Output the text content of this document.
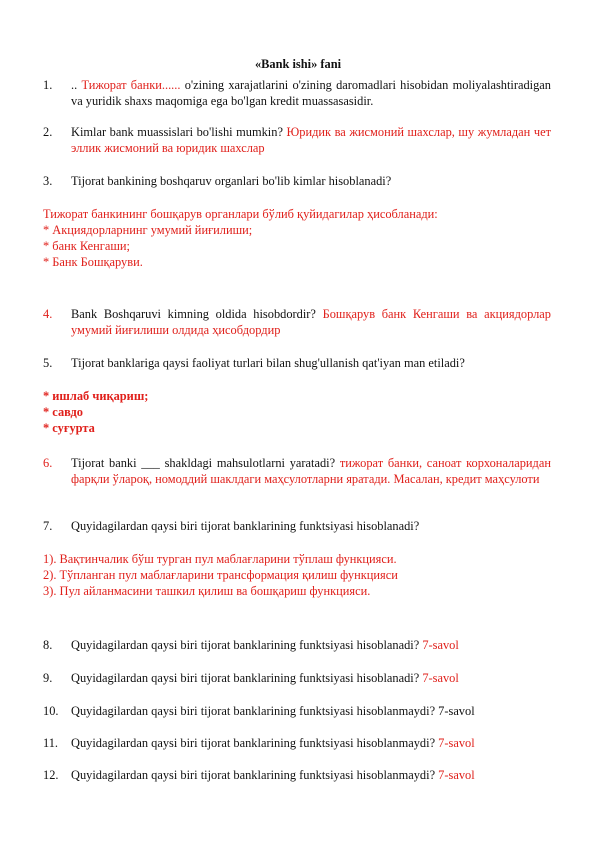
«Bank ishi» fani
1. .. Тижорат банки...... o'zining xarajatlarini o'zining daromadlari hisobidan moliyalashtiradigan va yuridik shaxs maqomiga ega bo'lgan kredit muassasasidir.
2. Kimlar bank muassislari bo'lishi mumkin? Юридик ва жисмоний шахслар, шу жумладан чет эллик жисмоний ва юридик шахслар
3. Tijorat bankining boshqaruv organlari bo'lib kimlar hisoblanadi?
Тижорат банкининг бошқарув органлари бўлиб қуйидагилар ҳисобланади:
* Акциядорларнинг умумий йиғилиши;
* банк Кенгаши;
* Банк Бошқаруви.
4. Bank Boshqaruvi kimning oldida hisobdordir? Бошқарув банк Кенгаши ва акциядорлар умумий йиғилиши олдида ҳисобдордир
5. Tijorat banklariga qaysi faoliyat turlari bilan shug'ullanish qat'iyan man etiladi?
* ишлаб чиқариш;
* савдо
* суғурта
6. Tijorat banki ___ shakldagi mahsulotlarni yaratadi? тижорат банки, саноат корхоналаридан фарқли ўлароқ, номоддий шаклдаги маҳсулотларни яратади. Масалан, кредит маҳсулоти
7. Quyidagilardan qaysi biri tijorat banklarining funktsiyasi hisoblanadi?
1). Вақтинчалик бўш турган пул маблағларини тўплаш функцияси.
2). Тўпланган пул маблағларини трансформация қилиш функцияси
3). Пул айланмасини ташкил қилиш ва бошқариш функцияси.
8. Quyidagilardan qaysi biri tijorat banklarining funktsiyasi hisoblanadi? 7-savol
9. Quyidagilardan qaysi biri tijorat banklarining funktsiyasi hisoblanadi? 7-savol
10. Quyidagilardan qaysi biri tijorat banklarining funktsiyasi hisoblanmaydi? 7-savol
11. Quyidagilardan qaysi biri tijorat banklarining funktsiyasi hisoblanmaydi? 7-savol
12. Quyidagilardan qaysi biri tijorat banklarining funktsiyasi hisoblanmaydi? 7-savol
